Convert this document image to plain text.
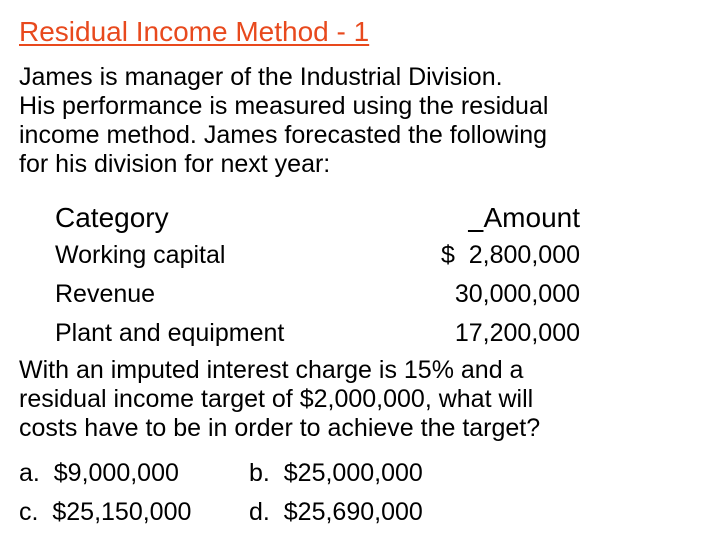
Residual Income Method - 1
James is manager of the Industrial Division.
His performance is measured using the residual
income method. James forecasted the following
for his division for next year:
Category	Amount
Working capital	$  2,800,000
Revenue	30,000,000
Plant and equipment	17,200,000
With an imputed interest charge is 15% and a
residual income target of $2,000,000, what will
costs have to be in order to achieve the target?
a. $9,000,000	b. $25,000,000
c. $25,150,000 d. $25,690,000
